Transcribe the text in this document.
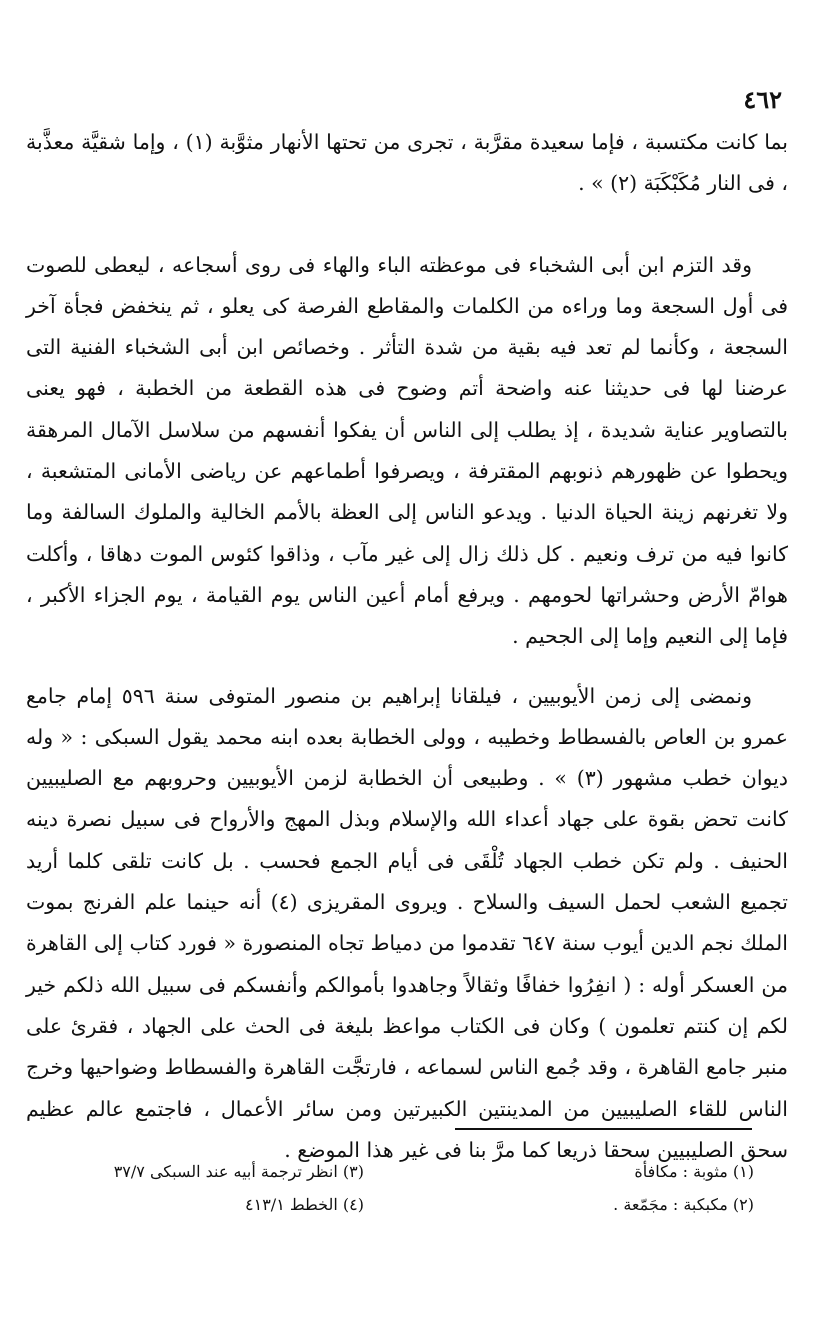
٤٦٢

بما كانت مكتسبة ، فإما سعيدة مقرَّبة ، تجرى من تحتها الأنهار مثوَّبة (١) ، وإما شقيَّة معذَّبة ، فى النار مُكَبْكَبَة (٢) » .

وقد التزم ابن أبى الشخباء فى موعظته الباء والهاء فى روى أسجاعه ، ليعطى للصوت فى أول السجعة وما وراءه من الكلمات والمقاطع الفرصة كى يعلو ، ثم ينخفض فجأة آخر السجعة ، وكأنما لم تعد فيه بقية من شدة التأثر . وخصائص ابن أبى الشخباء الفنية التى عرضنا لها فى حديثنا عنه واضحة أتم وضوح فى هذه القطعة من الخطبة ، فهو يعنى بالتصاوير عناية شديدة ، إذ يطلب إلى الناس أن يفكوا أنفسهم من سلاسل الآمال المرهقة ويحطوا عن ظهورهم ذنوبهم المقترفة ، ويصرفوا أطماعهم عن رياضى الأمانى المتشعبة ، ولا تغرنهم زينة الحياة الدنيا . ويدعو الناس إلى العظة بالأمم الخالية والملوك السالفة وما كانوا فيه من ترف ونعيم . كل ذلك زال إلى غير مآب ، وذاقوا كئوس الموت دهاقا ، وأكلت هوامّ الأرض وحشراتها لحومهم . ويرفع أمام أعين الناس يوم القيامة ، يوم الجزاء الأكبر ، فإما إلى النعيم وإما إلى الجحيم .

ونمضى إلى زمن الأيوبيين ، فيلقانا إبراهيم بن منصور المتوفى سنة ٥٩٦ إمام جامع عمرو بن العاص بالفسطاط وخطيبه ، وولى الخطابة بعده ابنه محمد يقول السبكى : « وله ديوان خطب مشهور (٣) » . وطبيعى أن الخطابة لزمن الأيوبيين وحروبهم مع الصليبيين كانت تحض بقوة على جهاد أعداء الله والإسلام وبذل المهج والأرواح فى سبيل نصرة دينه الحنيف . ولم تكن خطب الجهاد تُلْقَى فى أيام الجمع فحسب . بل كانت تلقى كلما أريد تجميع الشعب لحمل السيف والسلاح . ويروى المقريزى (٤) أنه حينما علم الفرنج بموت الملك نجم الدين أيوب سنة ٦٤٧ تقدموا من دمياط تجاه المنصورة « فورد كتاب إلى القاهرة من العسكر أوله : ( انفِرُوا خفافًا وثقالاً وجاهدوا بأموالكم وأنفسكم فى سبيل الله ذلكم خير لكم إن كنتم تعلمون ) وكان فى الكتاب مواعظ بليغة فى الحث على الجهاد ، فقرئ على منبر جامع القاهرة ، وقد جُمع الناس لسماعه ، فارتجَّت القاهرة والفسطاط وضواحيها وخرج الناس للقاء الصليبيين من المدينتين الكبيرتين ومن سائر الأعمال ، فاجتمع عالم عظيم سحق الصليبيين سحقا ذريعا كما مرَّ بنا فى غير هذا الموضع .

(١) مثوبة : مكافأة
(٢) مكبكبة : مجَمّعة .
(٣) انظر ترجمة أبيه عند السبكى ٣٧/٧
(٤) الخطط ٤١٣/١
